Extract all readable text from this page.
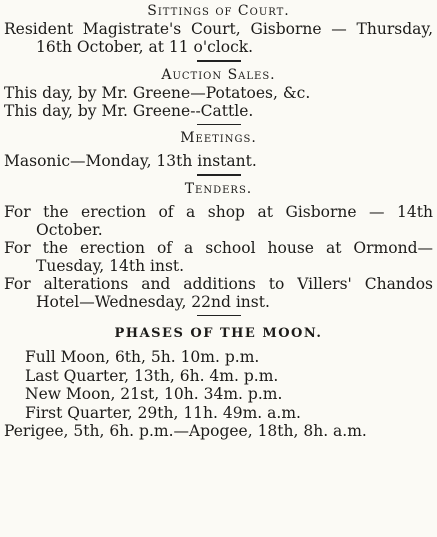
Sittings of Court.

Resident Magistrate's Court, Gisborne — Thursday, 16th October, at 11 o'clock.

Auction Sales.

This day, by Mr. Greene—Potatoes, &c.

This day, by Mr. Greene--Cattle.

Meetings.

Masonic—Monday, 13th instant.

Tenders.

For the erection of a shop at Gisborne — 14th October.

For the erection of a school house at Ormond—Tuesday, 14th inst.

For alterations and additions to Villers' Chandos Hotel—Wednesday, 22nd inst.

PHASES OF THE MOON.

Full Moon, 6th, 5h. 10m. p.m.

Last Quarter, 13th, 6h. 4m. p.m.

New Moon, 21st, 10h. 34m. p.m.

First Quarter, 29th, 11h. 49m. a.m.

Perigee, 5th, 6h. p.m.—Apogee, 18th, 8h. a.m.
